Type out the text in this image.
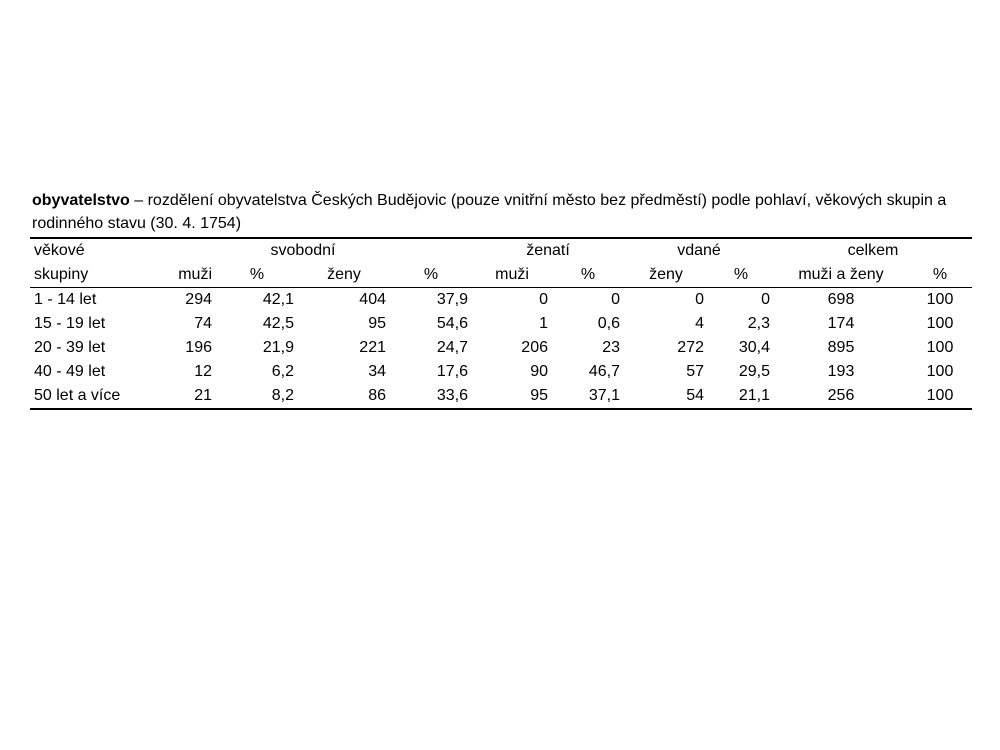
obyvatelstvo – rozdělení obyvatelstva Českých Budějovic (pouze vnitřní město bez předměstí) podle pohlaví, věkových skupin a rodinného stavu (30. 4. 1754)
věkové		svobodní			ženatí		vdané		celkem	
skupiny	muži	%	ženy	%	muži	%	ženy	%	muži a ženy	%
1 - 14 let	294	42,1	404	37,9	0	0	0	0	698	100
15 - 19 let	74	42,5	95	54,6	1	0,6	4	2,3	174	100
20 - 39 let	196	21,9	221	24,7	206	23	272	30,4	895	100
40 - 49 let	12	6,2	34	17,6	90	46,7	57	29,5	193	100
50 let a více	21	8,2	86	33,6	95	37,1	54	21,1	256	100
